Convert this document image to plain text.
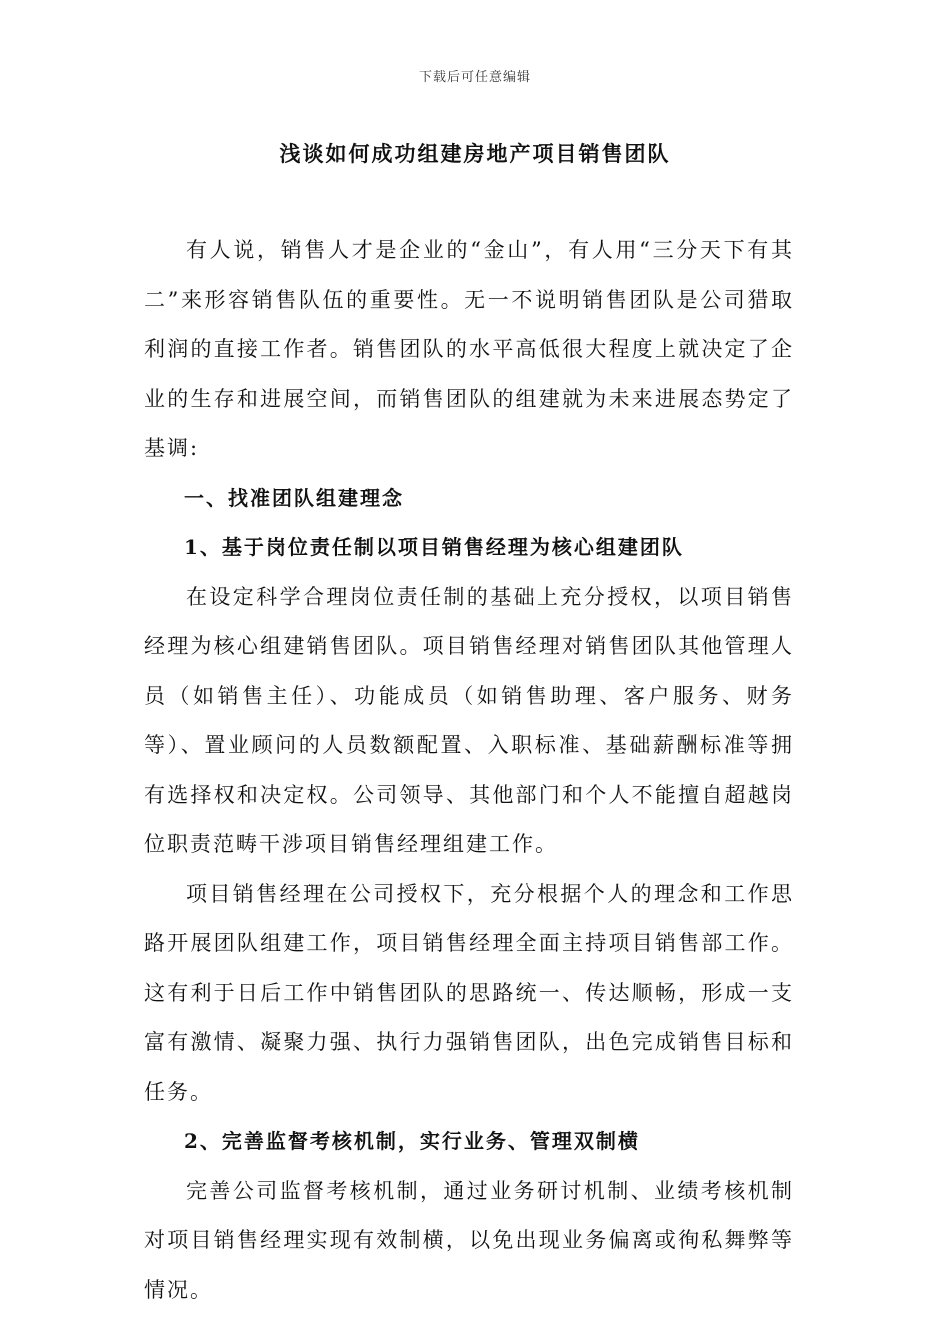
下载后可任意编辑
浅谈如何成功组建房地产项目销售团队

有人说，销售人才是企业的“金山”，有人用“三分天下有其二”来形容销售队伍的重要性。无一不说明销售团队是公司猎取利润的直接工作者。销售团队的水平高低很大程度上就决定了企业的生存和进展空间，而销售团队的组建就为未来进展态势定了基调:

一、找准团队组建理念

1、基于岗位责任制以项目销售经理为核心组建团队

在设定科学合理岗位责任制的基础上充分授权，以项目销售经理为核心组建销售团队。项目销售经理对销售团队其他管理人员（如销售主任）、功能成员（如销售助理、客户服务、财务等）、置业顾问的人员数额配置、入职标准、基础薪酬标准等拥有选择权和决定权。公司领导、其他部门和个人不能擅自超越岗位职责范畴干涉项目销售经理组建工作。

项目销售经理在公司授权下，充分根据个人的理念和工作思路开展团队组建工作，项目销售经理全面主持项目销售部工作。这有利于日后工作中销售团队的思路统一、传达顺畅，形成一支富有激情、凝聚力强、执行力强销售团队，出色完成销售目标和任务。

2、完善监督考核机制，实行业务、管理双制横

完善公司监督考核机制，通过业务研讨机制、业绩考核机制对项目销售经理实现有效制横，以免出现业务偏离或徇私舞弊等情况。
